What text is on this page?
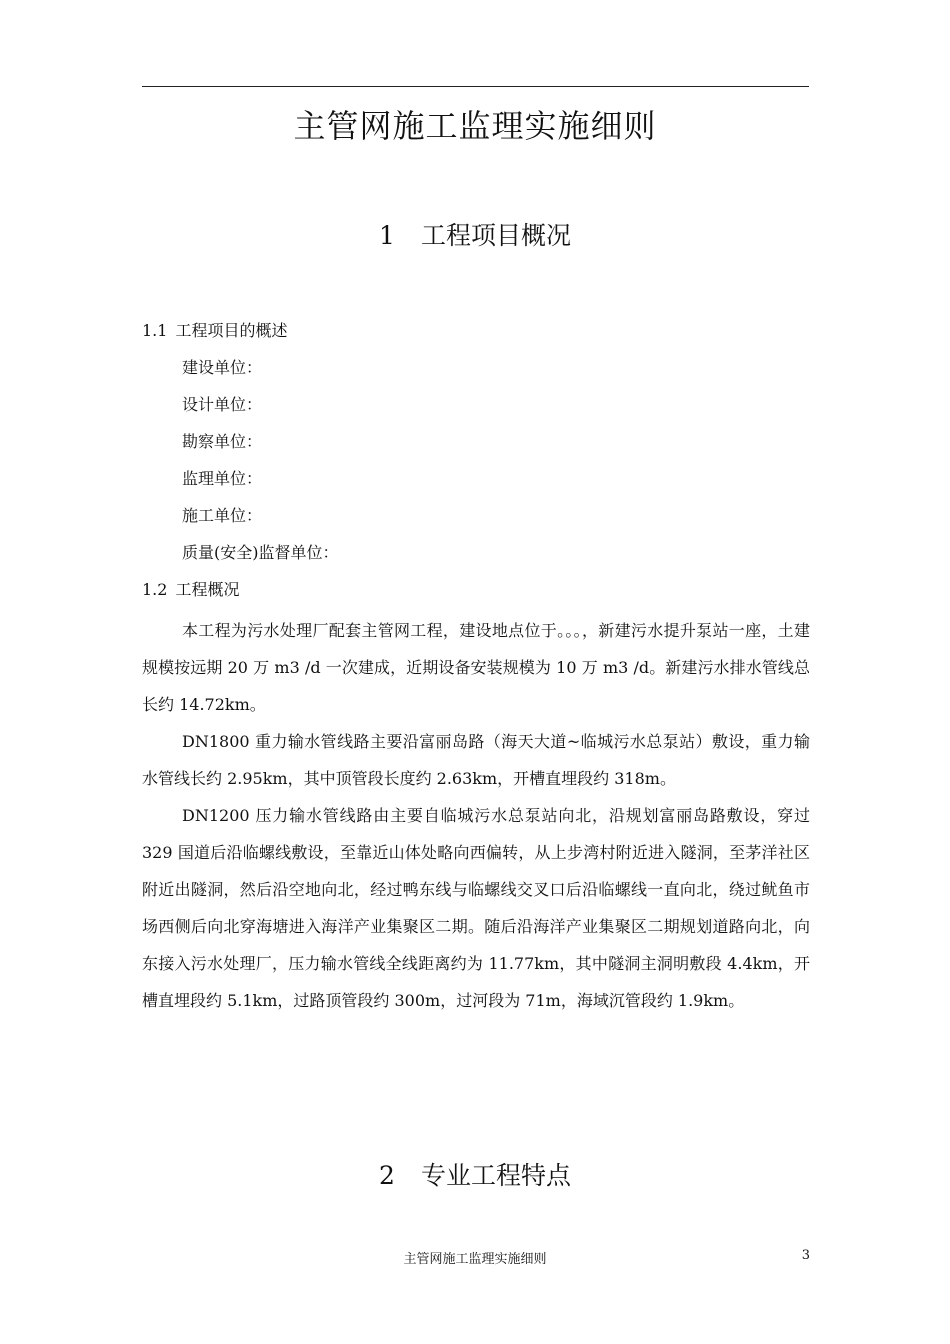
主管网施工监理实施细则
1 工程项目概况
1.1 工程项目的概述
建设单位：
设计单位：
勘察单位：
监理单位：
施工单位：
质量(安全)监督单位：
1.2 工程概况

本工程为污水处理厂配套主管网工程，建设地点位于。。。，新建污水提升泵站一座，土建规模按远期 20 万 m3 /d 一次建成，近期设备安装规模为 10 万 m3 /d。新建污水排水管线总长约 14.72km。

DN1800 重力输水管线路主要沿富丽岛路（海天大道~临城污水总泵站）敷设，重力输水管线长约 2.95km，其中顶管段长度约 2.63km，开槽直埋段约 318m。

DN1200 压力输水管线路由主要自临城污水总泵站向北，沿规划富丽岛路敷设，穿过 329 国道后沿临螺线敷设，至靠近山体处略向西偏转，从上步湾村附近进入隧洞，至茅洋社区附近出隧洞，然后沿空地向北，经过鸭东线与临螺线交叉口后沿临螺线一直向北，绕过鱿鱼市场西侧后向北穿海塘进入海洋产业集聚区二期。随后沿海洋产业集聚区二期规划道路向北，向东接入污水处理厂，压力输水管线全线距离约为 11.77km，其中隧洞主洞明敷段 4.4km，开槽直埋段约 5.1km，过路顶管段约 300m，过河段为 71m，海域沉管段约 1.9km。

2 专业工程特点
主管网施工监理实施细则	3
